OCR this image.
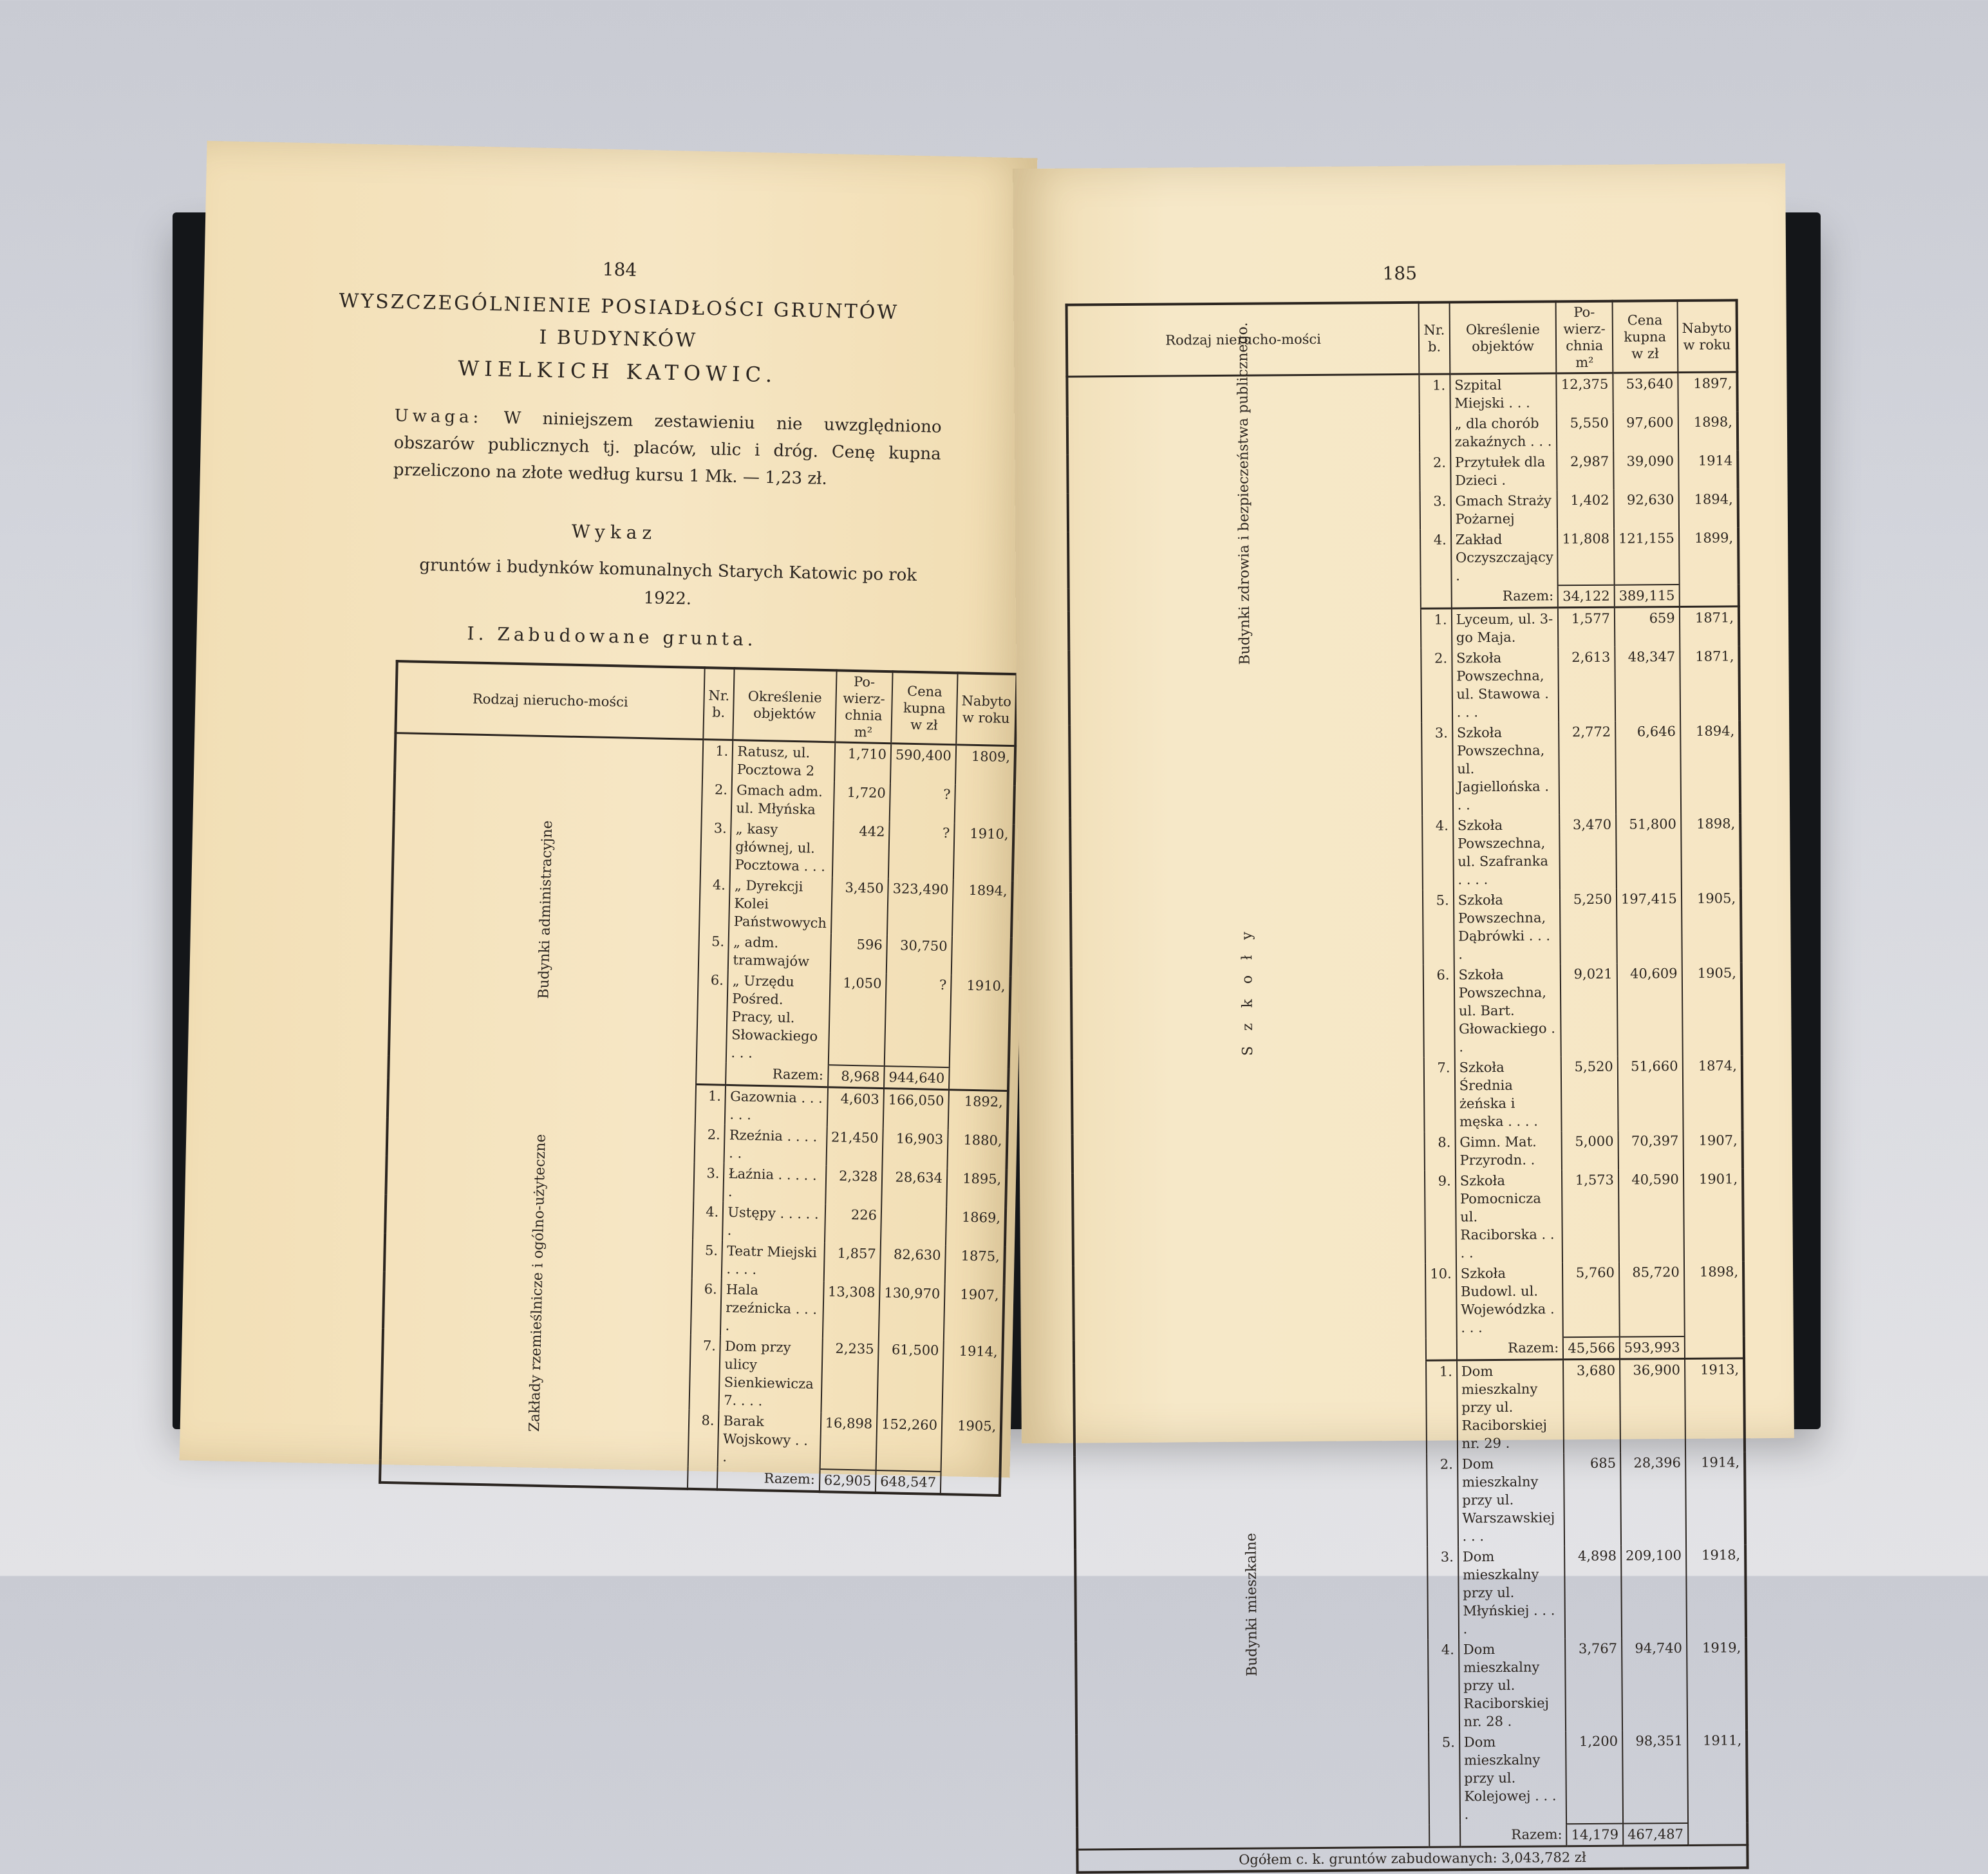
184
WYSZCZEGÓLNIENIE POSIADŁOŚCI GRUNTÓW
I BUDYNKÓW
WIELKICH KATOWIC.
Uwaga: W niniejszem zestawieniu nie uwzględniono obszarów publicznych tj. placów, ulic i dróg. Cenę kupna przeliczono na złote według kursu 1 Mk. — 1,23 zł.
Wykaz
gruntów i budynków komunalnych Starych Katowic po rok 1922.
I. Zabudowane grunta.
Rodzaj nierucho-mości	Nr. b.	Określenie objektów	Po-wierz-chnia m²	Cena kupna w zł	Nabyto w roku
Budynki administracyjne	1.	Ratusz, ul. Pocztowa 2	1,710	590,400	1809,
	2.	Gmach adm. ul. Młyńska	1,720	?	
	3.	„ kasy głównej, ul. Pocztowa . . .	442	?	1910,
	4.	„ Dyrekcji Kolei Państwowych	3,450	323,490	1894,
	5.	„ adm. tramwajów	596	30,750	
	6.	„ Urzędu Pośred. Pracy, ul. Słowackiego . . .	1,050	?	1910,
		Razem:	8,968	944,640	
Zakłady rzemieślnicze i ogólno-użyteczne	1.	Gazownia . . . . . .	4,603	166,050	1892,
	2.	Rzeźnia . . . . . .	21,450	16,903	1880,
	3.	Łaźnia . . . . . .	2,328	28,634	1895,
	4.	Ustępy . . . . . .	226		1869,
	5.	Teatr Miejski . . . .	1,857	82,630	1875,
	6.	Hala rzeźnicka . . . .	13,308	130,970	1907,
	7.	Dom przy ulicy Sienkiewicza 7. . . .	2,235	61,500	1914,
	8.	Barak Wojskowy . . .	16,898	152,260	1905,
		Razem:	62,905	648,547	
185
Rodzaj nierucho-mości	Nr. b.	Określenie objektów	Po-wierz-chnia m²	Cena kupna w zł	Nabyto w roku
Budynki zdrowia i bezpieczeństwa publicznego.	1.	Szpital Miejski . . .	12,375	53,640	1897,
		„ dla chorób zakaźnych . . .	5,550	97,600	1898,
	2.	Przytułek dla Dzieci .	2,987	39,090	1914
	3.	Gmach Straży Pożarnej	1,402	92,630	1894,
	4.	Zakład Oczyszczający .	11,808	121,155	1899,
		Razem:	34,122	389,115	
Szkoły	1.	Lyceum, ul. 3-go Maja.	1,577	659	1871,
	2.	Szkoła Powszechna, ul. Stawowa . . . .	2,613	48,347	1871,
	3.	Szkoła Powszechna, ul. Jagiellońska . . .	2,772	6,646	1894,
	4.	Szkoła Powszechna, ul. Szafranka . . . .	3,470	51,800	1898,
	5.	Szkoła Powszechna, Dąbrówki . . . .	5,250	197,415	1905,
	6.	Szkoła Powszechna, ul. Bart. Głowackiego . .	9,021	40,609	1905,
	7.	Szkoła Średnia żeńska i męska . . . .	5,520	51,660	1874,
	8.	Gimn. Mat. Przyrodn. .	5,000	70,397	1907,
	9.	Szkoła Pomocnicza ul. Raciborska . . . .	1,573	40,590	1901,
	10.	Szkoła Budowl. ul. Wojewódzka . . . .	5,760	85,720	1898,
		Razem:	45,566	593,993	
Budynki mieszkalne	1.	Dom mieszkalny przy ul. Raciborskiej nr. 29 .	3,680	36,900	1913,
	2.	Dom mieszkalny przy ul. Warszawskiej . . .	685	28,396	1914,
	3.	Dom mieszkalny przy ul. Młyńskiej . . . .	4,898	209,100	1918,
	4.	Dom mieszkalny przy ul. Raciborskiej nr. 28 .	3,767	94,740	1919,
	5.	Dom mieszkalny przy ul. Kolejowej . . . .	1,200	98,351	1911,
		Razem:	14,179	467,487	
Ogółem c. k. gruntów zabudowanych: 3,043,782 zł					
